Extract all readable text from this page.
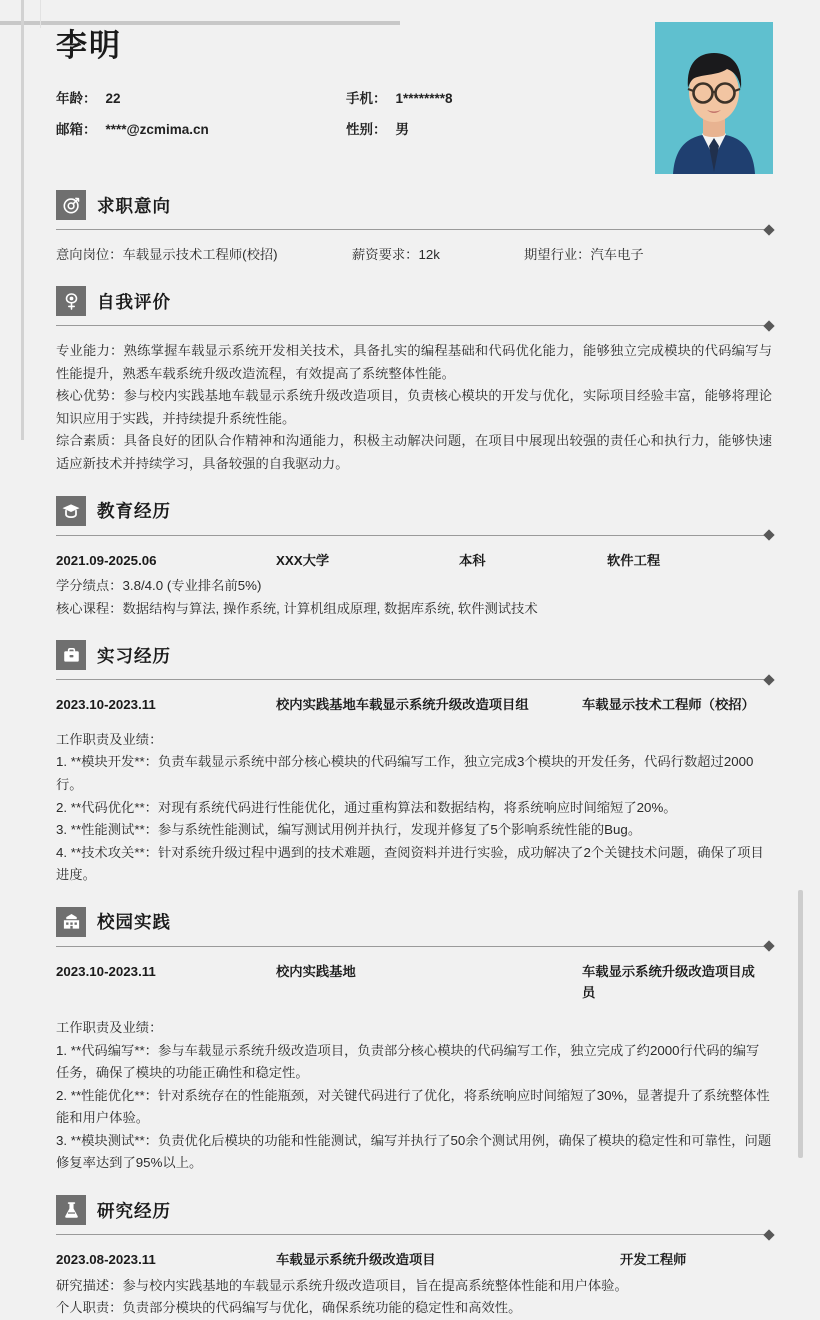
李明
年龄： 22	手机： 1********8
邮箱： ****@zcmima.cn	性别： 男
求职意向
意向岗位：车载显示技术工程师(校招)	薪资要求：12k	期望行业：汽车电子
自我评价

专业能力：熟练掌握车载显示系统开发相关技术，具备扎实的编程基础和代码优化能力，能够独立完成模块的代码编写与性能提升，熟悉车载系统升级改造流程，有效提高了系统整体性能。

核心优势：参与校内实践基地车载显示系统升级改造项目，负责核心模块的开发与优化，实际项目经验丰富，能够将理论知识应用于实践，并持续提升系统性能。

综合素质：具备良好的团队合作精神和沟通能力，积极主动解决问题，在项目中展现出较强的责任心和执行力，能够快速适应新技术并持续学习，具备较强的自我驱动力。

教育经历
2021.09-2025.06	XXX大学	本科	软件工程

学分绩点：3.8/4.0 (专业排名前5%)

核心课程：数据结构与算法, 操作系统, 计算机组成原理, 数据库系统, 软件测试技术

实习经历
2023.10-2023.11	校内实践基地车载显示系统升级改造项目组	车载显示技术工程师（校招）

工作职责及业绩：

1. **模块开发**：负责车载显示系统中部分核心模块的代码编写工作，独立完成3个模块的开发任务，代码行数超过2000行。

2. **代码优化**：对现有系统代码进行性能优化，通过重构算法和数据结构，将系统响应时间缩短了20%。

3. **性能测试**：参与系统性能测试，编写测试用例并执行，发现并修复了5个影响系统性能的Bug。

4. **技术攻关**：针对系统升级过程中遇到的技术难题，查阅资料并进行实验，成功解决了2个关键技术问题，确保了项目进度。

校园实践
2023.10-2023.11	校内实践基地	车载显示系统升级改造项目成员

工作职责及业绩：

1. **代码编写**：参与车载显示系统升级改造项目，负责部分核心模块的代码编写工作，独立完成了约2000行代码的编写任务，确保了模块的功能正确性和稳定性。

2. **性能优化**：针对系统存在的性能瓶颈，对关键代码进行了优化，将系统响应时间缩短了30%，显著提升了系统整体性能和用户体验。

3. **模块测试**：负责优化后模块的功能和性能测试，编写并执行了50余个测试用例，确保了模块的稳定性和可靠性，问题修复率达到了95%以上。

研究经历
2023.08-2023.11	车载显示系统升级改造项目	开发工程师

研究描述：参与校内实践基地的车载显示系统升级改造项目，旨在提高系统整体性能和用户体验。

个人职责：负责部分模块的代码编写与优化，确保系统功能的稳定性和高效性。
